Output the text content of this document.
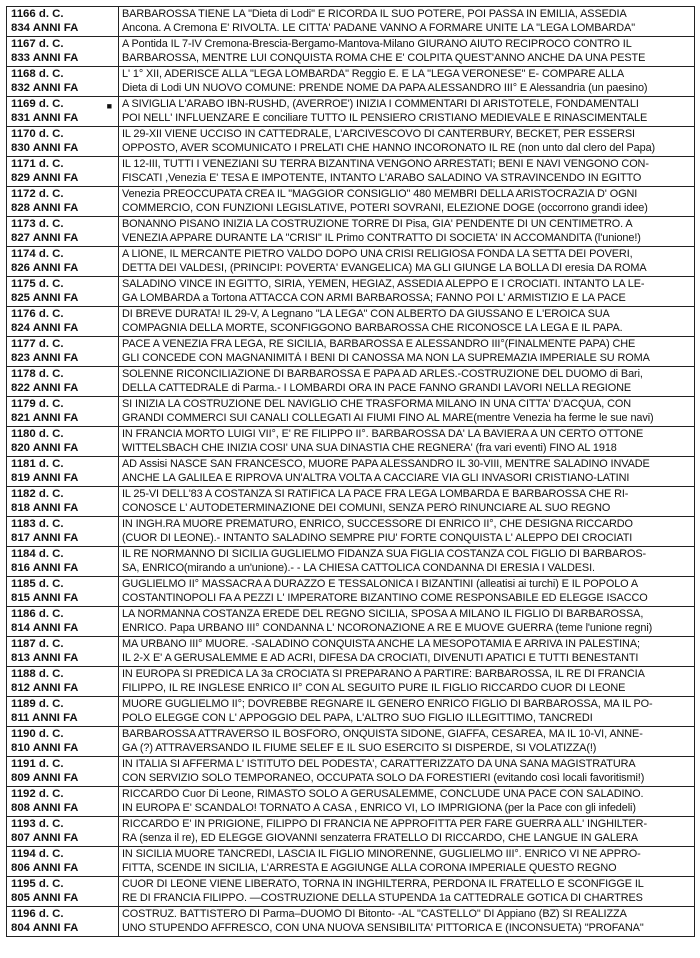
1166 d. C.
834 ANNI FA	BARBAROSSA TIENE LA "Dieta di Lodi" E RICORDA IL SUO POTERE, POI PASSA IN EMILIA, ASSEDIA
Ancona. A Cremona E' RIVOLTA. LE CITTA' PADANE VANNO A FORMARE UNITE LA "LEGA LOMBARDA"

1167 d. C.
833 ANNI FA	A Pontida IL 7-IV Cremona-Brescia-Bergamo-Mantova-Milano GIURANO AIUTO RECIPROCO CONTRO IL
BARBAROSSA, MENTRE LUI CONQUISTA ROMA CHE E' COLPITA QUEST'ANNO ANCHE DA UNA PESTE

1168 d. C.
832 ANNI FA	L' 1° XII, ADERISCE ALLA "LEGA LOMBARDA" Reggio E. E LA "LEGA VERONESE" E- COMPARE ALLA
Dieta di Lodi UN NUOVO COMUNE: PRENDE NOME DA PAPA ALESSANDRO III° E Alessandria (un paesino)

1169 d. C.
831 ANNI FA
■	A SIVIGLIA L'ARABO IBN-RUSHD, (AVERROE') INIZIA I COMMENTARI DI ARISTOTELE, FONDAMENTALI
POI NELL' INFLUENZARE E conciliare TUTTO IL PENSIERO CRISTIANO MEDIEVALE E RINASCIMENTALE

1170 d. C.
830 ANNI FA	IL 29-XII VIENE UCCISO IN CATTEDRALE, L'ARCIVESCOVO DI CANTERBURY, BECKET, PER ESSERSI
OPPOSTO, AVER SCOMUNICATO I PRELATI CHE HANNO INCORONATO IL RE (non unto dal clero del Papa)

1171 d. C.
829 ANNI FA	IL 12-III, TUTTI I VENEZIANI SU TERRA BIZANTINA VENGONO ARRESTATI; BENI E NAVI VENGONO CON-
FISCATI ,Venezia E' TESA E IMPOTENTE, INTANTO L'ARABO SALADINO VA STRAVINCENDO IN EGITTO

1172 d. C.
828 ANNI FA	Venezia PREOCCUPATA CREA IL "MAGGIOR CONSIGLIO" 480 MEMBRI DELLA ARISTOCRAZIA D' OGNI
COMMERCIO, CON FUNZIONI LEGISLATIVE, POTERI SOVRANI, ELEZIONE DOGE (occorrono grandi idee)

1173 d. C.
827 ANNI FA	BONANNO PISANO INIZIA LA COSTRUZIONE TORRE DI Pisa, GIA' PENDENTE DI UN CENTIMETRO. A
VENEZIA APPARE DURANTE LA "CRISI" IL Primo CONTRATTO DI SOCIETA' IN ACCOMANDITA (l'unione!)

1174 d. C.
826 ANNI FA	A LIONE, IL MERCANTE PIETRO VALDO DOPO UNA CRISI RELIGIOSA FONDA LA SETTA DEI POVERI,
DETTA DEI VALDESI, (PRINCIPI: POVERTA' EVANGELICA) MA GLI GIUNGE LA BOLLA DI eresia DA ROMA

1175 d. C.
825 ANNI FA	SALADINO VINCE IN EGITTO, SIRIA, YEMEN, HEGIAZ, ASSEDIA ALEPPO E I CROCIATI. INTANTO LA LE-
GA LOMBARDA a Tortona ATTACCA CON ARMI BARBAROSSA; FANNO POI L' ARMISTIZIO E LA PACE

1176 d. C.
824 ANNI FA	DI BREVE DURATA! IL 29-V, A Legnano "LA LEGA" CON ALBERTO DA GIUSSANO E L'EROICA SUA
COMPAGNIA DELLA MORTE, SCONFIGGONO BARBAROSSA CHE RICONOSCE LA LEGA E IL PAPA.

1177 d. C.
823 ANNI FA	PACE A VENEZIA FRA LEGA, RE SICILIA, BARBAROSSA E ALESSANDRO III°(FINALMENTE PAPA) CHE
GLI CONCEDE CON MAGNANIMITÀ I BENI DI CANOSSA MA NON LA SUPREMAZIA IMPERIALE SU ROMA

1178 d. C.
822 ANNI FA	SOLENNE RICONCILIAZIONE DI BARBAROSSA E PAPA AD ARLES.-COSTRUZIONE DEL DUOMO di Bari,
DELLA CATTEDRALE di Parma.- I LOMBARDI ORA IN PACE FANNO GRANDI LAVORI NELLA REGIONE

1179 d. C.
821 ANNI FA	SI INIZIA LA COSTRUZIONE DEL NAVIGLIO CHE TRASFORMA MILANO IN UNA CITTA' D'ACQUA, CON
GRANDI COMMERCI SUI CANALI COLLEGATI AI FIUMI FINO AL MARE(mentre Venezia ha ferme le sue navi)

1180 d. C.
820 ANNI FA	IN FRANCIA MORTO LUIGI VII°, E' RE FILIPPO II°. BARBAROSSA DA' LA BAVIERA A UN CERTO OTTONE
WITTELSBACH CHE INIZIA COSI' UNA SUA DINASTIA CHE REGNERA' (fra vari eventi) FINO AL 1918

1181 d. C.
819 ANNI FA	AD Assisi NASCE SAN FRANCESCO, MUORE PAPA ALESSANDRO IL 30-VIII, MENTRE SALADINO INVADE
ANCHE LA GALILEA E RIPROVA UN'ALTRA VOLTA A CACCIARE VIA GLI INVASORI CRISTIANO-LATINI

1182 d. C.
818 ANNI FA	IL 25-VI DELL'83 A COSTANZA SI RATIFICA LA PACE FRA LEGA LOMBARDA E BARBAROSSA CHE RI-
CONOSCE L' AUTODETERMINAZIONE DEI COMUNI, SENZA PERÒ RINUNCIARE AL SUO REGNO

1183 d. C.
817 ANNI FA	IN INGH.RA MUORE PREMATURO, ENRICO, SUCCESSORE DI ENRICO II°, CHE DESIGNA RICCARDO
(CUOR DI LEONE).- INTANTO SALADINO SEMPRE PIU' FORTE CONQUISTA L' ALEPPO DEI CROCIATI

1184 d. C.
816 ANNI FA	IL RE NORMANNO DI SICILIA GUGLIELMO FIDANZA SUA FIGLIA COSTANZA COL FIGLIO DI BARBAROS-
SA, ENRICO(mirando a un'unione).- - LA CHIESA CATTOLICA CONDANNA DI ERESIA I VALDESI.

1185 d. C.
815 ANNI FA	GUGLIELMO II° MASSACRA A DURAZZO E TESSALONICA I BIZANTINI (alleatisi ai turchi) E IL POPOLO A
COSTANTINOPOLI FA A PEZZI L' IMPERATORE BIZANTINO COME RESPONSABILE ED ELEGGE ISACCO

1186 d. C.
814 ANNI FA	LA NORMANNA COSTANZA EREDE DEL REGNO SICILIA, SPOSA A MILANO IL FIGLIO DI BARBAROSSA,
ENRICO. Papa URBANO III° CONDANNA L' NCORONAZIONE A RE E MUOVE GUERRA (teme l'unione regni)

1187 d. C.
813 ANNI FA	MA URBANO III° MUORE. -SALADINO CONQUISTA ANCHE LA MESOPOTAMIA E ARRIVA IN PALESTINA;
IL 2-X E' A GERUSALEMME E AD ACRI, DIFESA DA CROCIATI, DIVENUTI APATICI E TUTTI BENESTANTI

1188 d. C.
812 ANNI FA	IN EUROPA SI PREDICA LA 3a CROCIATA SI PREPARANO A PARTIRE: BARBAROSSA, IL RE DI FRANCIA
FILIPPO, IL RE INGLESE ENRICO II° CON AL SEGUITO PURE IL FIGLIO RICCARDO CUOR DI LEONE

1189 d. C.
811 ANNI FA	MUORE GUGLIELMO II°; DOVREBBE REGNARE IL GENERO ENRICO FIGLIO DI BARBAROSSA, MA IL PO-
POLO ELEGGE CON L' APPOGGIO DEL PAPA, L'ALTRO SUO FIGLIO ILLEGITTIMO, TANCREDI

1190 d. C.
810 ANNI FA	BARBAROSSA ATTRAVERSO IL BOSFORO, ONQUISTA SIDONE, GIAFFA, CESAREA, MA IL 10-VI, ANNE-
GA (?) ATTRAVERSANDO IL FIUME SELEF E IL SUO ESERCITO SI DISPERDE, SI VOLATIZZA(!)

1191 d. C.
809 ANNI FA	IN ITALIA SI AFFERMA L' ISTITUTO DEL PODESTA', CARATTERIZZATO DA UNA SANA MAGISTRATURA
CON SERVIZIO SOLO TEMPORANEO, OCCUPATA SOLO DA FORESTIERI (evitando così locali favoritismi!)

1192 d. C.
808 ANNI FA	RICCARDO Cuor Di Leone, RIMASTO SOLO A GERUSALEMME, CONCLUDE UNA PACE CON SALADINO.
IN EUROPA E' SCANDALO! TORNATO A CASA , ENRICO VI, LO IMPRIGIONA (per la Pace con gli infedeli)

1193 d. C.
807 ANNI FA	RICCARDO E' IN PRIGIONE, FILIPPO DI FRANCIA NE APPROFITTA PER FARE GUERRA ALL' INGHILTER-
RA (senza il re), ED ELEGGE GIOVANNI senzaterra FRATELLO DI RICCARDO, CHE LANGUE IN GALERA

1194 d. C.
806 ANNI FA	IN SICILIA MUORE TANCREDI, LASCIA IL FIGLIO MINORENNE, GUGLIELMO III°. ENRICO VI NE APPRO-
FITTA, SCENDE IN SICILIA, L'ARRESTA E AGGIUNGE ALLA CORONA IMPERIALE QUESTO REGNO

1195 d. C.
805 ANNI FA	CUOR DI LEONE VIENE LIBERATO, TORNA IN INGHILTERRA, PERDONA IL FRATELLO E SCONFIGGE IL
RE DI FRANCIA FILIPPO. —COSTRUZIONE DELLA STUPENDA 1a CATTEDRALE GOTICA DI CHARTRES

1196 d. C.
804 ANNI FA	COSTRUZ. BATTISTERO DI Parma–DUOMO DI Bitonto- -AL "CASTELLO" DI Appiano (BZ) SI REALIZZA
UNO STUPENDO AFFRESCO, CON UNA NUOVA SENSIBILITA' PITTORICA E (INCONSUETA) "PROFANA"
